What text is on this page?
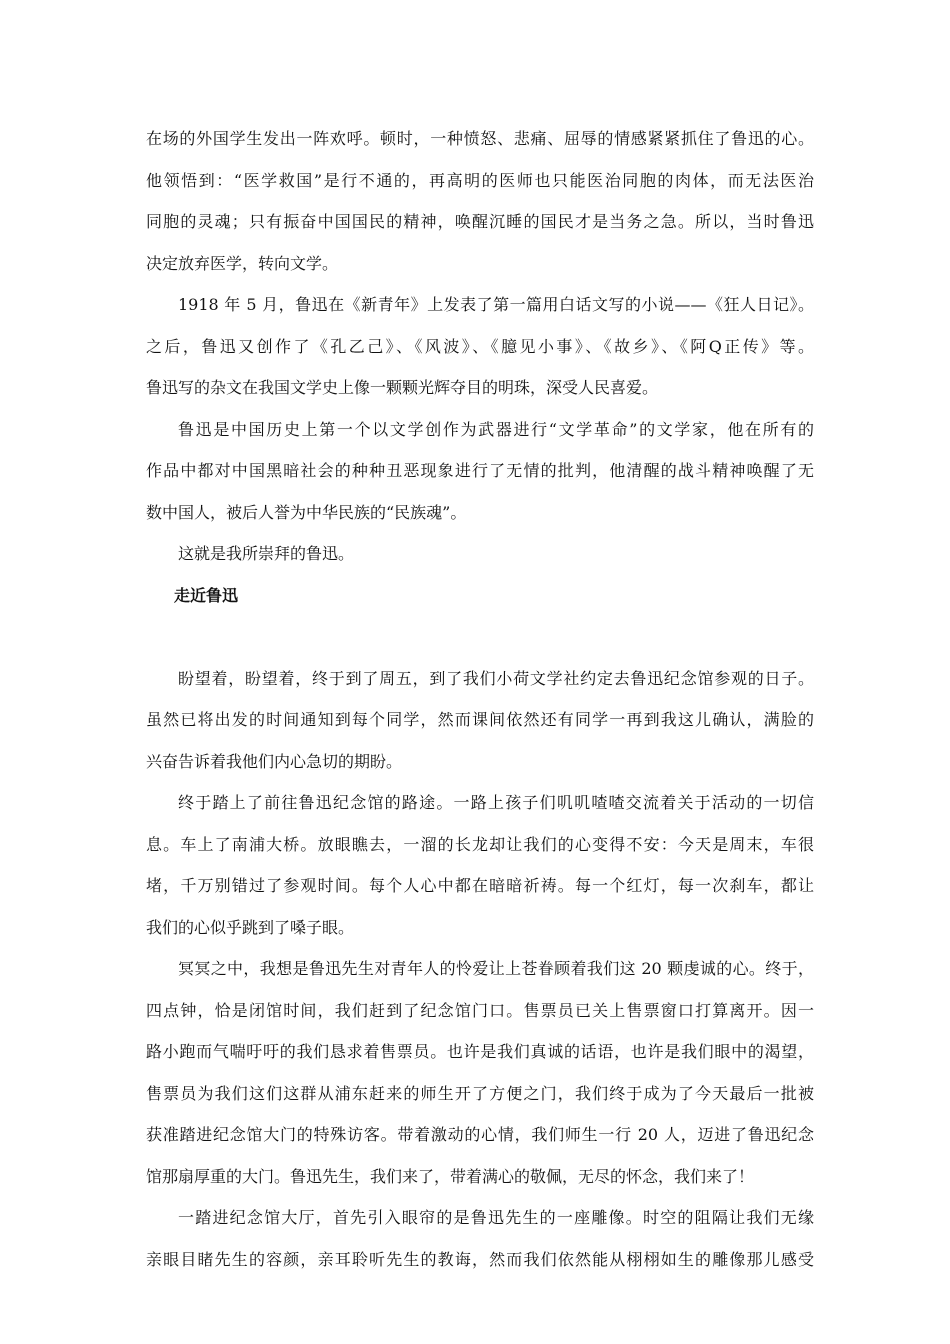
在场的外国学生发出一阵欢呼。顿时，一种愤怒、悲痛、屈辱的情感紧紧抓住了鲁迅的心。
他领悟到：“医学救国”是行不通的，再高明的医师也只能医治同胞的肉体，而无法医治
同胞的灵魂；只有振奋中国国民的精神，唤醒沉睡的国民才是当务之急。所以，当时鲁迅
决定放弃医学，转向文学。
1918 年 5 月，鲁迅在《新青年》上发表了第一篇用白话文写的小说——《狂人日记》。
之后，鲁迅又创作了《孔乙己》、《风波》、《臆见小事》、《故乡》、《阿Q正传》等。
鲁迅写的杂文在我国文学史上像一颗颗光辉夺目的明珠，深受人民喜爱。
鲁迅是中国历史上第一个以文学创作为武器进行“文学革命”的文学家，他在所有的
作品中都对中国黑暗社会的种种丑恶现象进行了无情的批判，他清醒的战斗精神唤醒了无
数中国人，被后人誉为中华民族的“民族魂”。
这就是我所崇拜的鲁迅。
走近鲁迅
盼望着，盼望着，终于到了周五，到了我们小荷文学社约定去鲁迅纪念馆参观的日子。
虽然已将出发的时间通知到每个同学，然而课间依然还有同学一再到我这儿确认，满脸的
兴奋告诉着我他们内心急切的期盼。
终于踏上了前往鲁迅纪念馆的路途。一路上孩子们叽叽喳喳交流着关于活动的一切信
息。车上了南浦大桥。放眼瞧去，一溜的长龙却让我们的心变得不安：今天是周末，车很
堵，千万别错过了参观时间。每个人心中都在暗暗祈祷。每一个红灯，每一次刹车，都让
我们的心似乎跳到了嗓子眼。
冥冥之中，我想是鲁迅先生对青年人的怜爱让上苍眷顾着我们这 20 颗虔诚的心。终于，
四点钟，恰是闭馆时间，我们赶到了纪念馆门口。售票员已关上售票窗口打算离开。因一
路小跑而气喘吁吁的我们恳求着售票员。也许是我们真诚的话语，也许是我们眼中的渴望，
售票员为我们这们这群从浦东赶来的师生开了方便之门，我们终于成为了今天最后一批被
获准踏进纪念馆大门的特殊访客。带着激动的心情，我们师生一行 20 人，迈进了鲁迅纪念
馆那扇厚重的大门。鲁迅先生，我们来了，带着满心的敬佩，无尽的怀念，我们来了！
一踏进纪念馆大厅，首先引入眼帘的是鲁迅先生的一座雕像。时空的阻隔让我们无缘
亲眼目睹先生的容颜，亲耳聆听先生的教诲，然而我们依然能从栩栩如生的雕像那儿感受
